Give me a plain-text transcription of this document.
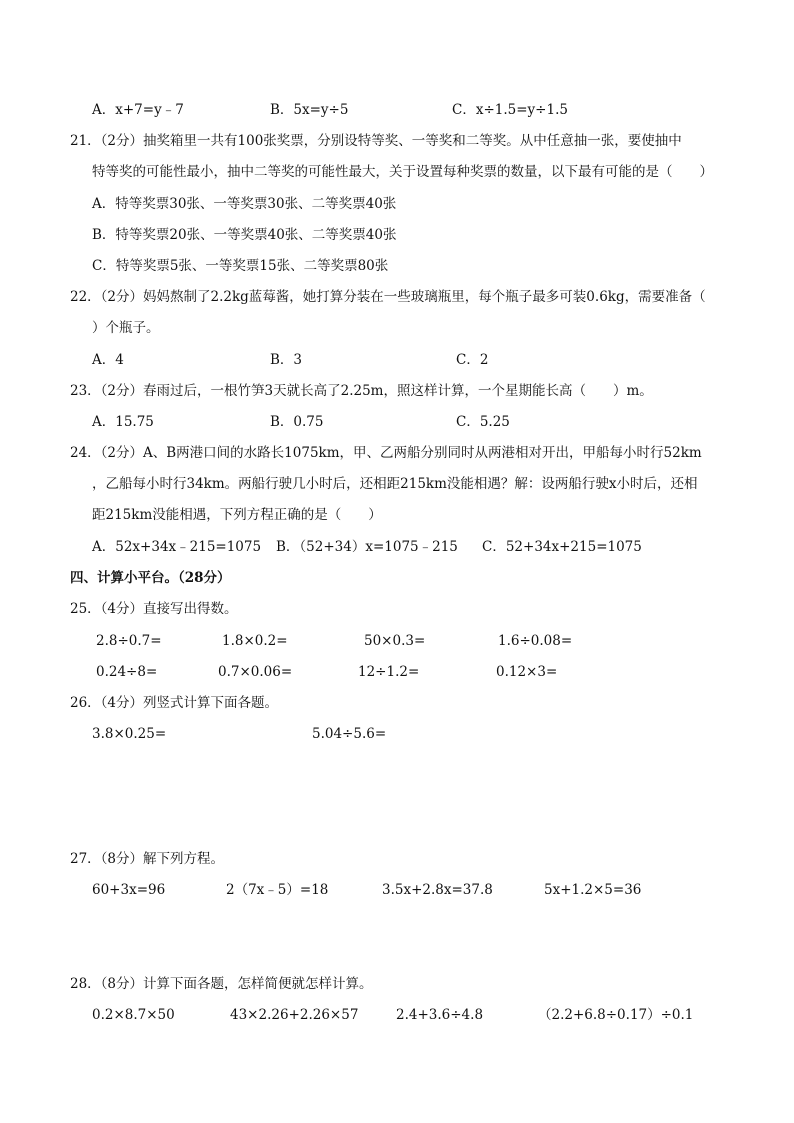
A．x+7=y﹣7	B．5x=y÷5	C．x÷1.5=y÷1.5
21．（2分）抽奖箱里一共有100张奖票，分别设特等奖、一等奖和二等奖。从中任意抽一张，要使抽中
特等奖的可能性最小，抽中二等奖的可能性最大，关于设置每种奖票的数量，以下最有可能的是（　　）
A．特等奖票30张、一等奖票30张、二等奖票40张
B．特等奖票20张、一等奖票40张、二等奖票40张
C．特等奖票5张、一等奖票15张、二等奖票80张
22．（2分）妈妈熬制了2.2kg蓝莓酱，她打算分装在一些玻璃瓶里，每个瓶子最多可装0.6kg，需要准备（
）个瓶子。
A．4	B．3	C．2
23．（2分）春雨过后，一根竹笋3天就长高了2.25m，照这样计算，一个星期能长高（　　）m。
A．15.75	B．0.75	C．5.25
24．（2分）A、B两港口间的水路长1075km，甲、乙两船分别同时从两港相对开出，甲船每小时行52km
，乙船每小时行34km。两船行驶几小时后，还相距215km没能相遇？解：设两船行驶x小时后，还相
距215km没能相遇，下列方程正确的是（　　）
A．52x+34x﹣215=1075 B．（52+34）x=1075﹣215 C．52+34x+215=1075
四、计算小平台。（28分）
25．（4分）直接写出得数。
2.8÷0.7=	1.8×0.2=	50×0.3=	1.6÷0.08=
0.24÷8=	0.7×0.06=	12÷1.2=	0.12×3=
26．（4分）列竖式计算下面各题。
3.8×0.25=	5.04÷5.6=
27．（8分）解下列方程。
60+3x=96	2（7x﹣5）=18	3.5x+2.8x=37.8	5x+1.2×5=36
28．（8分）计算下面各题，怎样简便就怎样计算。
0.2×8.7×50	43×2.26+2.26×57	2.4+3.6÷4.8	（2.2+6.8÷0.17）÷0.1
